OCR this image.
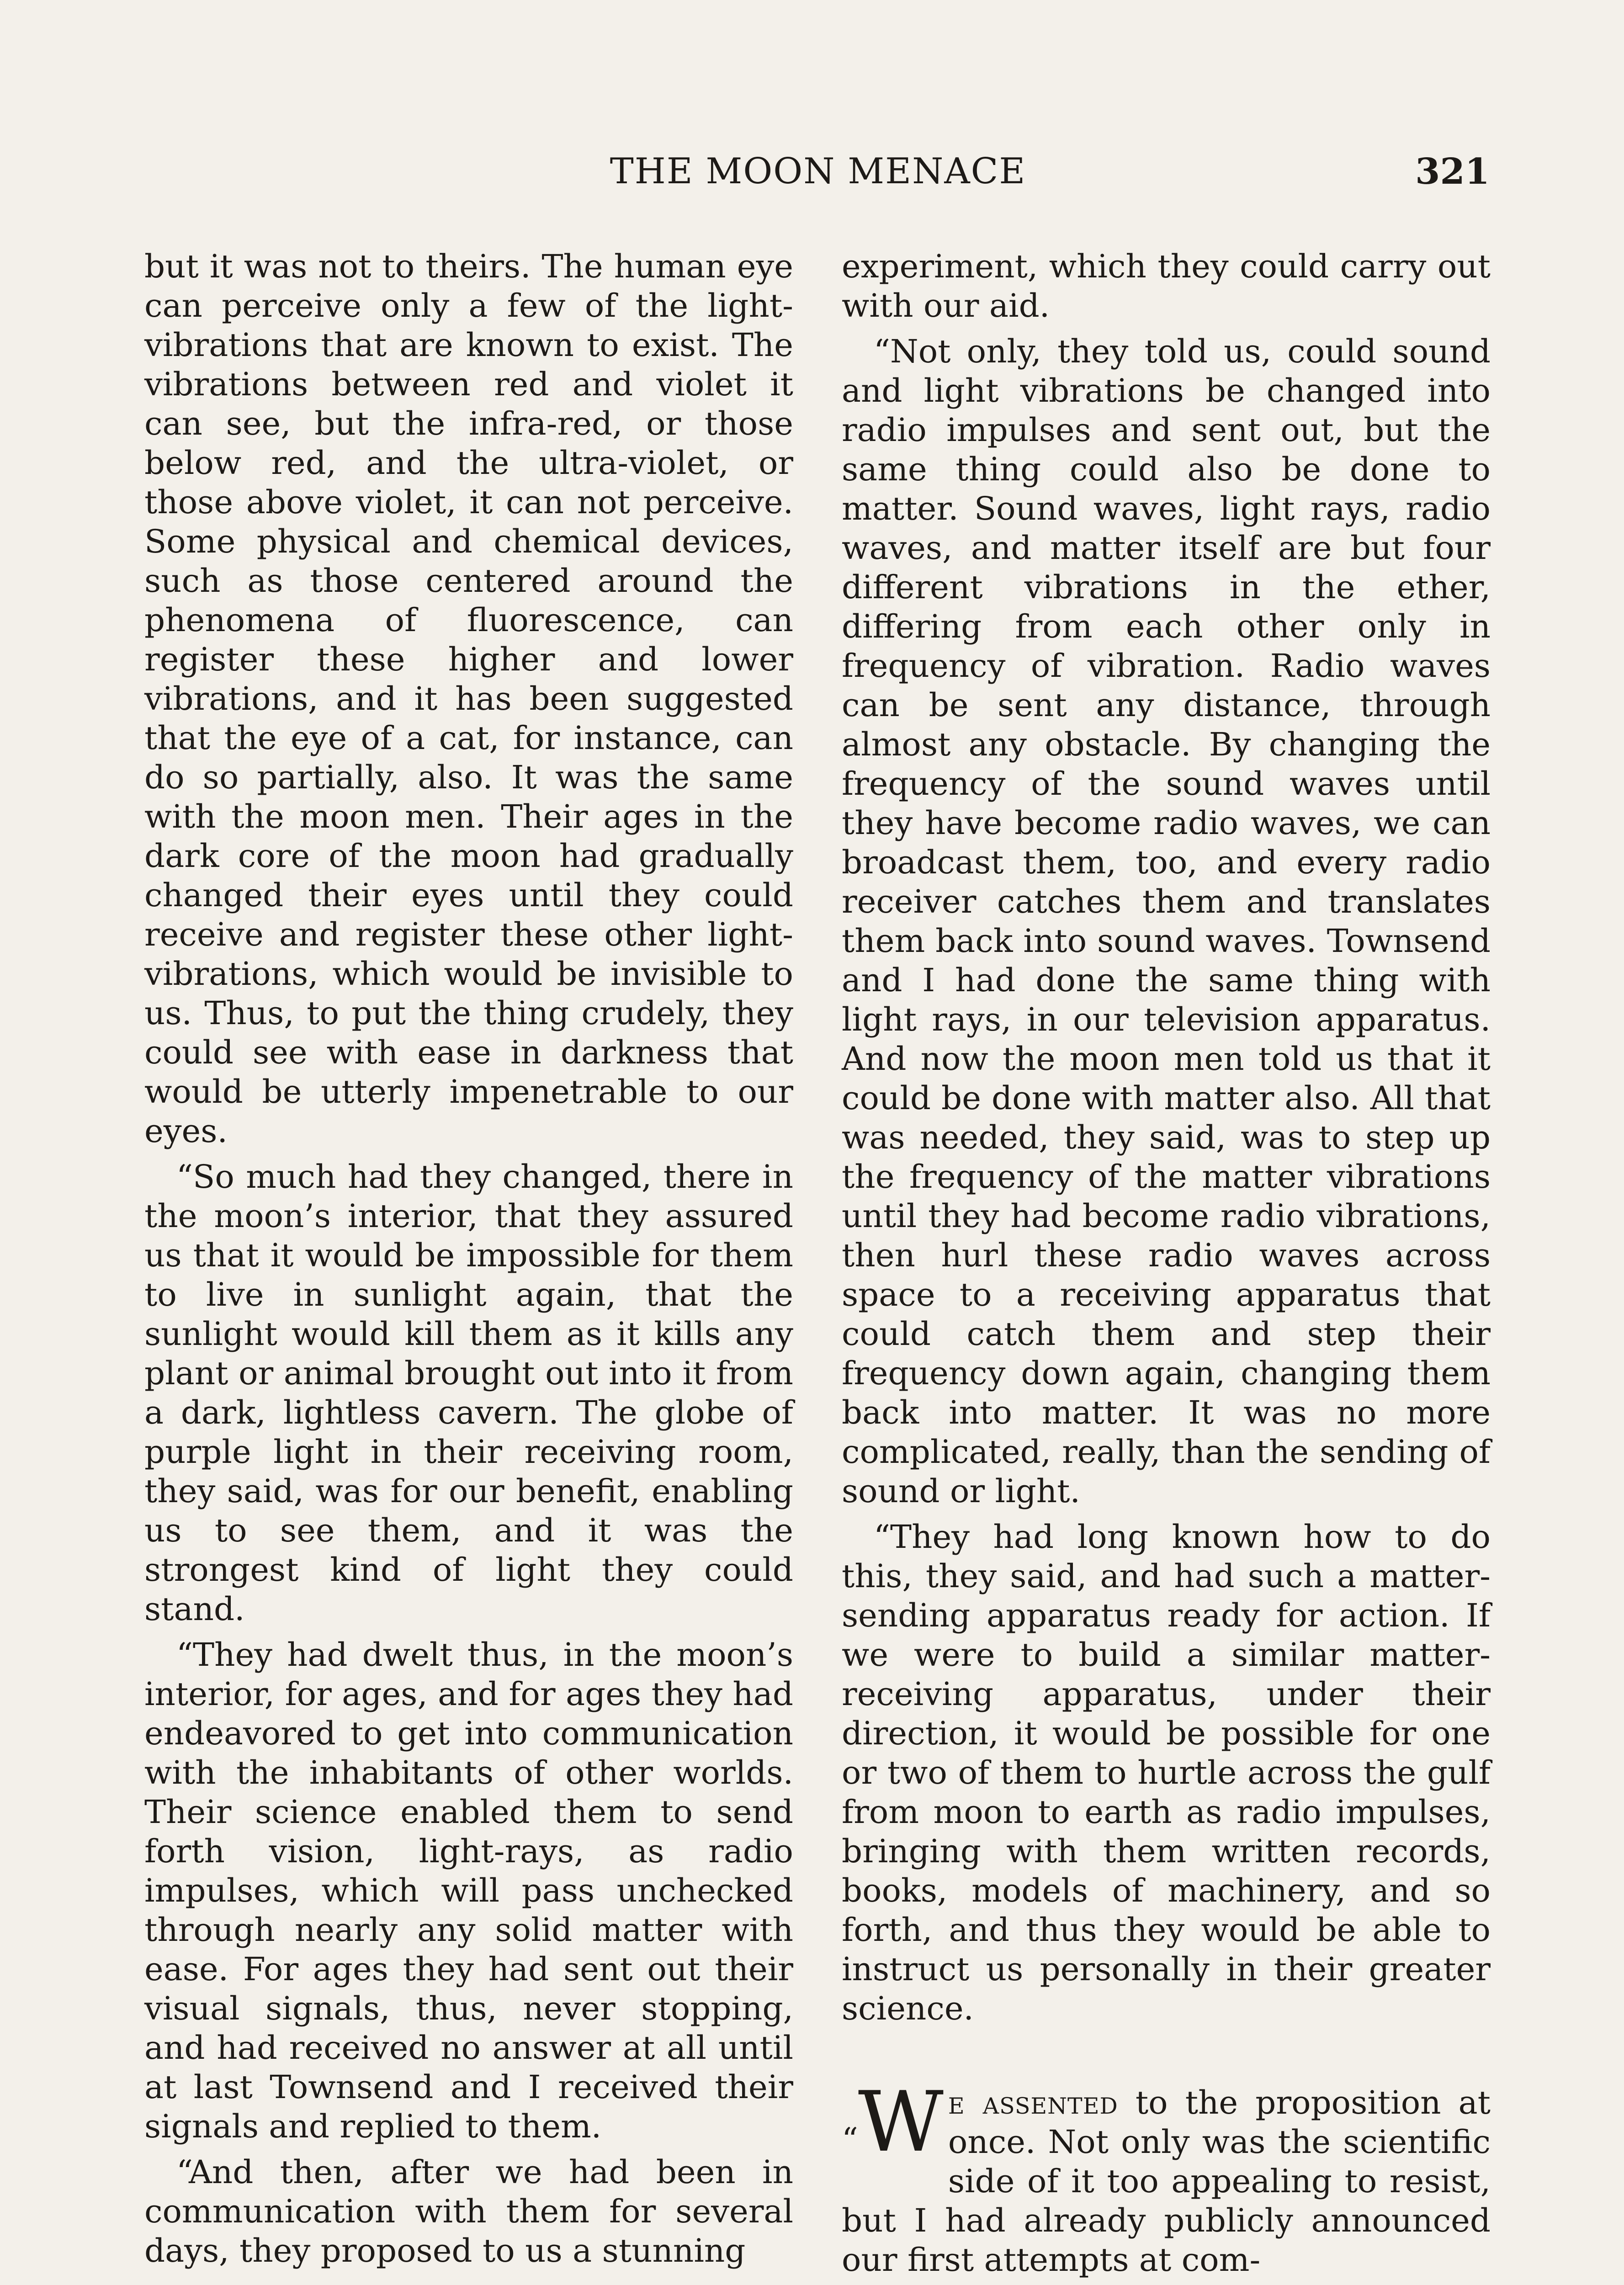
THE MOON MENACE	321

but it was not to theirs. The human eye can perceive only a few of the light-vibrations that are known to exist. The vibrations between red and violet it can see, but the infra-red, or those below red, and the ultra-violet, or those above violet, it can not perceive. Some physical and chemical devices, such as those centered around the phenomena of fluorescence, can register these higher and lower vibrations, and it has been suggested that the eye of a cat, for instance, can do so partially, also. It was the same with the moon men. Their ages in the dark core of the moon had gradually changed their eyes until they could receive and register these other light-vibrations, which would be invisible to us. Thus, to put the thing crudely, they could see with ease in darkness that would be utterly impenetrable to our eyes.

“So much had they changed, there in the moon’s interior, that they assured us that it would be impossible for them to live in sunlight again, that the sunlight would kill them as it kills any plant or animal brought out into it from a dark, lightless cavern. The globe of purple light in their receiving room, they said, was for our benefit, enabling us to see them, and it was the strongest kind of light they could stand.

“They had dwelt thus, in the moon’s interior, for ages, and for ages they had endeavored to get into communication with the inhabitants of other worlds. Their science enabled them to send forth vision, light-rays, as radio impulses, which will pass unchecked through nearly any solid matter with ease. For ages they had sent out their visual signals, thus, never stopping, and had received no answer at all until at last Townsend and I received their signals and replied to them.

“And then, after we had been in communication with them for several days, they proposed to us a stunning

experiment, which they could carry out with our aid.

“Not only, they told us, could sound and light vibrations be changed into radio impulses and sent out, but the same thing could also be done to matter. Sound waves, light rays, radio waves, and matter itself are but four different vibrations in the ether, differing from each other only in frequency of vibration. Radio waves can be sent any distance, through almost any obstacle. By changing the frequency of the sound waves until they have become radio waves, we can broadcast them, too, and every radio receiver catches them and translates them back into sound waves. Townsend and I had done the same thing with light rays, in our television apparatus. And now the moon men told us that it could be done with matter also. All that was needed, they said, was to step up the frequency of the matter vibrations until they had become radio vibrations, then hurl these radio waves across space to a receiving apparatus that could catch them and step their frequency down again, changing them back into matter. It was no more complicated, really, than the sending of sound or light.

“They had long known how to do this, they said, and had such a matter-sending apparatus ready for action. If we were to build a similar matter-receiving apparatus, under their direction, it would be possible for one or two of them to hurtle across the gulf from moon to earth as radio impulses, bringing with them written records, books, models of machinery, and so forth, and thus they would be able to instruct us personally in their greater science.

“W e assented to the proposition at once. Not only was the scientific side of it too appealing to resist, but I had already publicly announced our first attempts at com-
